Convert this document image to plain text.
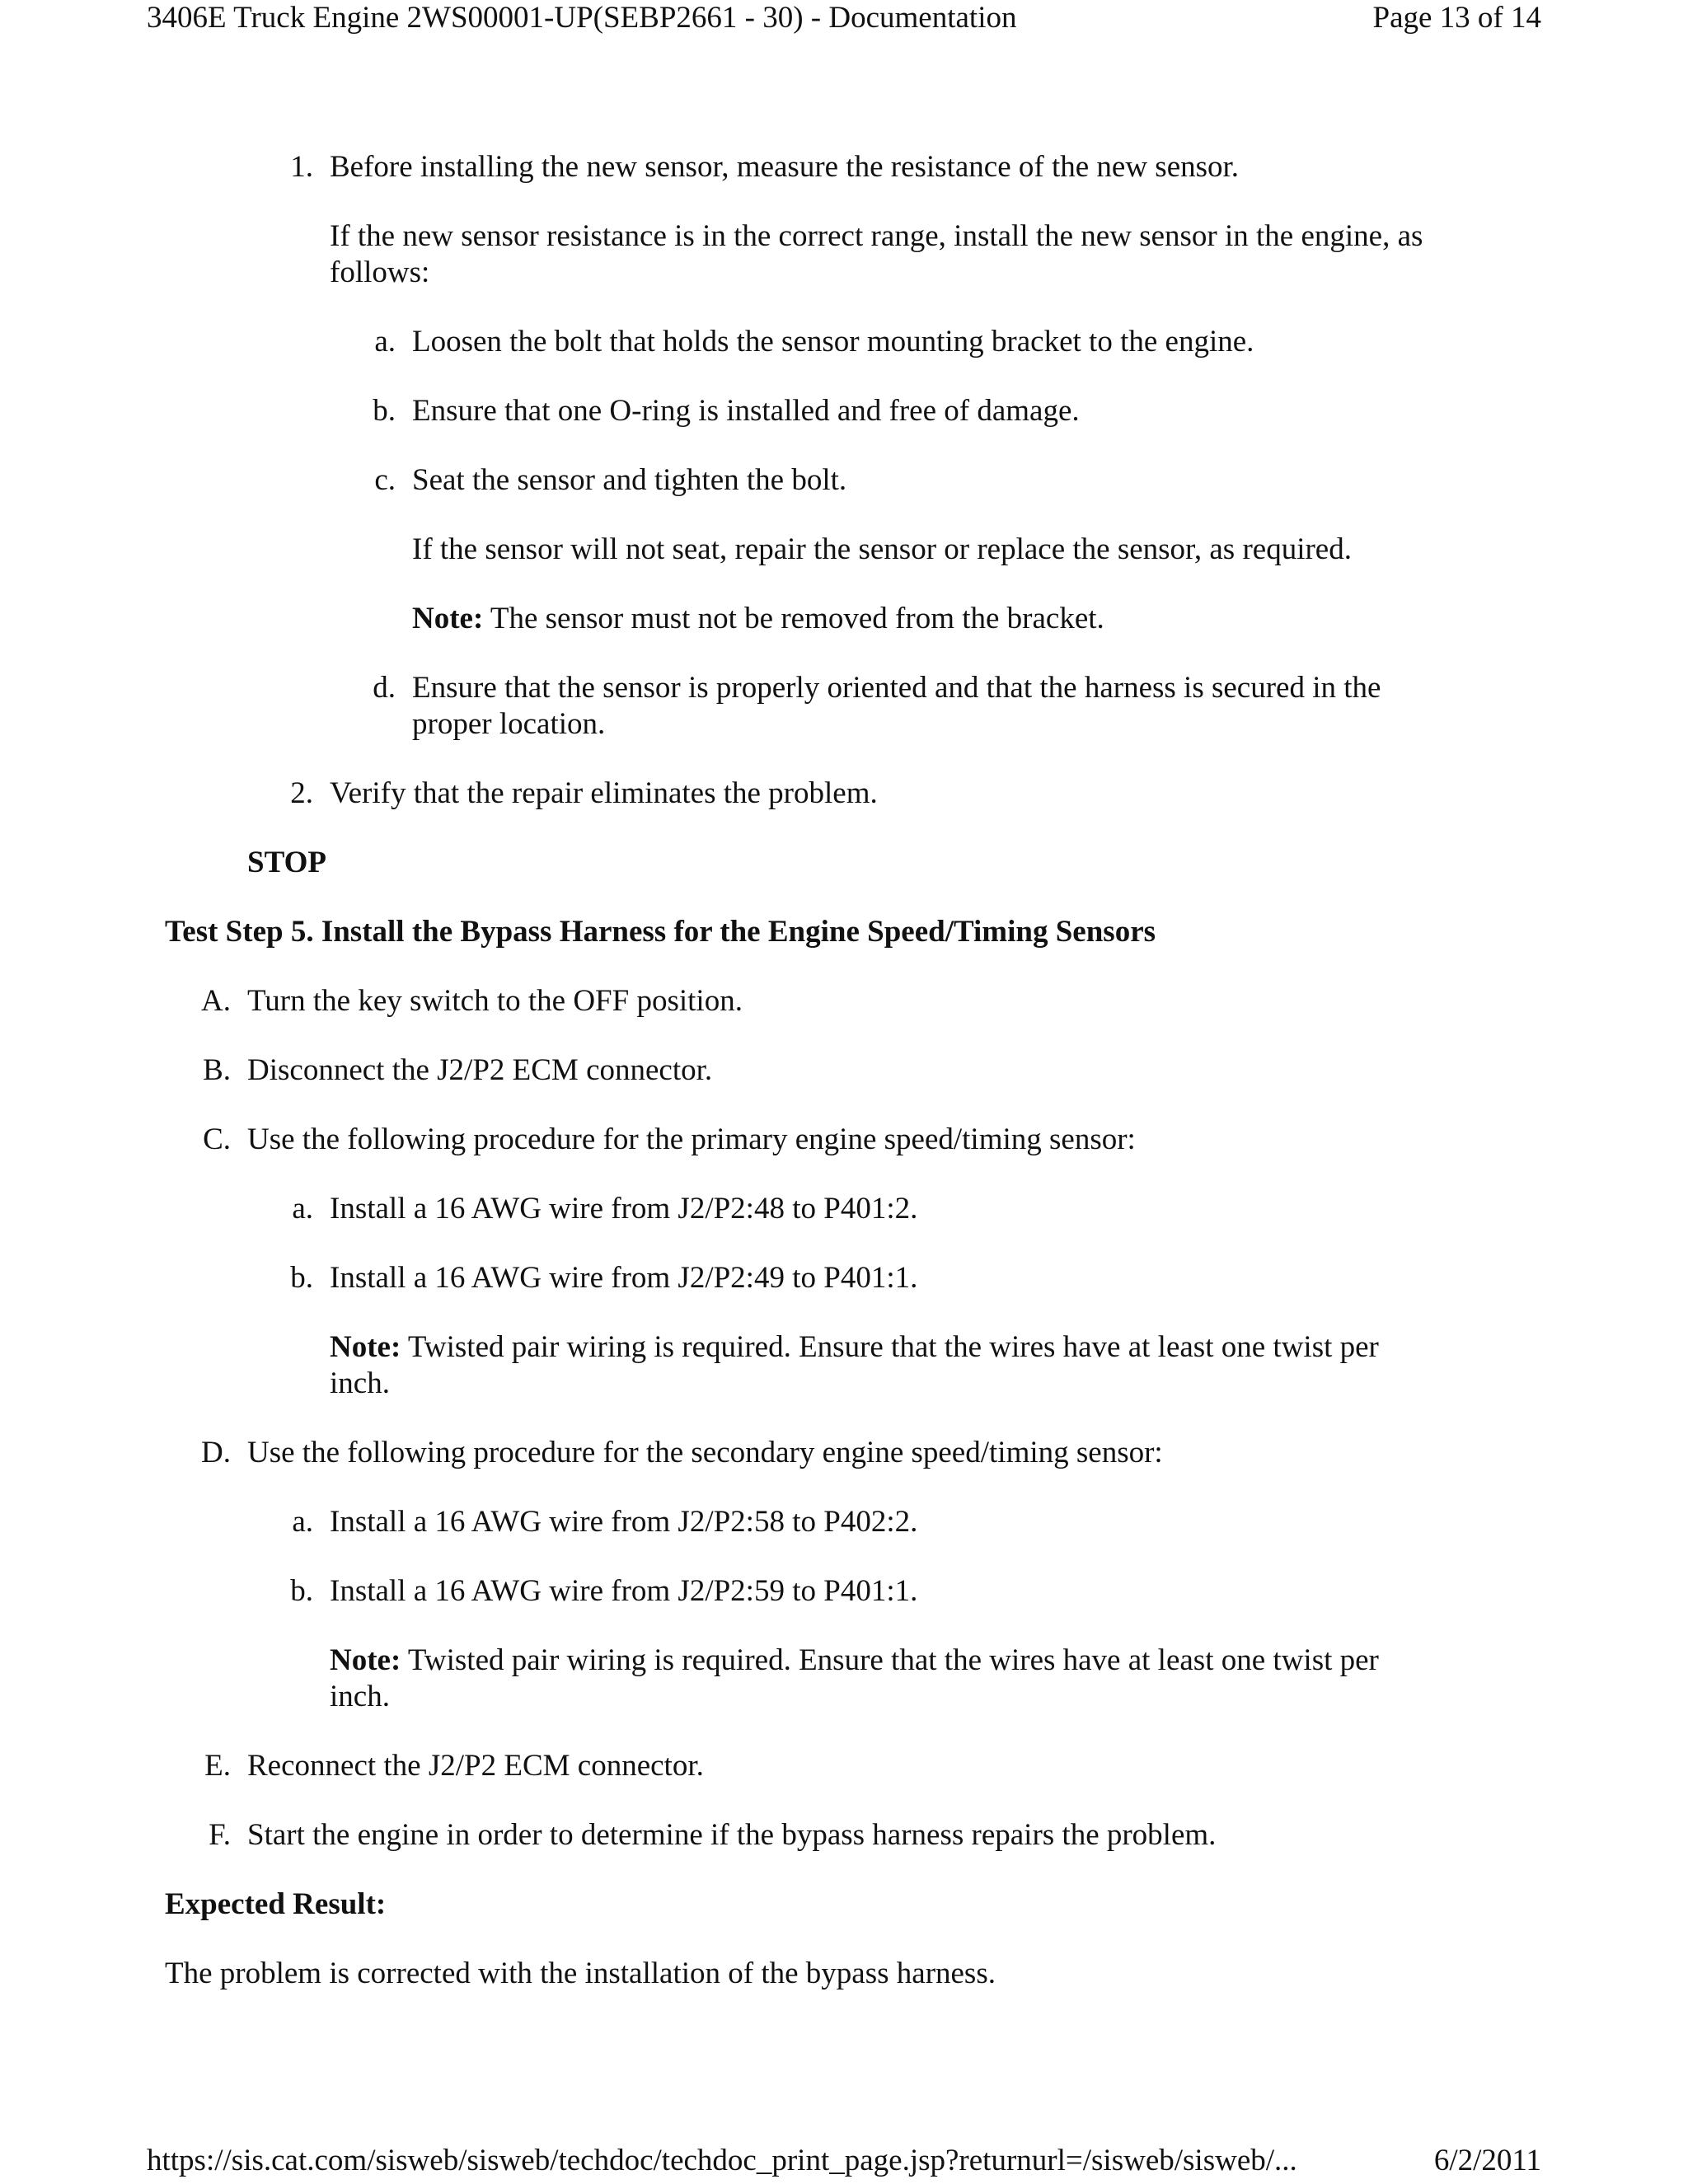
3406E Truck Engine 2WS00001-UP(SEBP2661 - 30) - Documentation	Page 13 of 14
1. Before installing the new sensor, measure the resistance of the new sensor.
If the new sensor resistance is in the correct range, install the new sensor in the engine, as
follows:
a. Loosen the bolt that holds the sensor mounting bracket to the engine.
b. Ensure that one O-ring is installed and free of damage.
c. Seat the sensor and tighten the bolt.
If the sensor will not seat, repair the sensor or replace the sensor, as required.
Note: The sensor must not be removed from the bracket.
d. Ensure that the sensor is properly oriented and that the harness is secured in the
proper location.
2. Verify that the repair eliminates the problem.
STOP
Test Step 5. Install the Bypass Harness for the Engine Speed/Timing Sensors
A. Turn the key switch to the OFF position.
B. Disconnect the J2/P2 ECM connector.
C. Use the following procedure for the primary engine speed/timing sensor:
a. Install a 16 AWG wire from J2/P2:48 to P401:2.
b. Install a 16 AWG wire from J2/P2:49 to P401:1.
Note: Twisted pair wiring is required. Ensure that the wires have at least one twist per
inch.
D. Use the following procedure for the secondary engine speed/timing sensor:
a. Install a 16 AWG wire from J2/P2:58 to P402:2.
b. Install a 16 AWG wire from J2/P2:59 to P401:1.
Note: Twisted pair wiring is required. Ensure that the wires have at least one twist per
inch.
E. Reconnect the J2/P2 ECM connector.
F. Start the engine in order to determine if the bypass harness repairs the problem.
Expected Result:
The problem is corrected with the installation of the bypass harness.
https://sis.cat.com/sisweb/sisweb/techdoc/techdoc_print_page.jsp?returnurl=/sisweb/sisweb/...	6/2/2011
